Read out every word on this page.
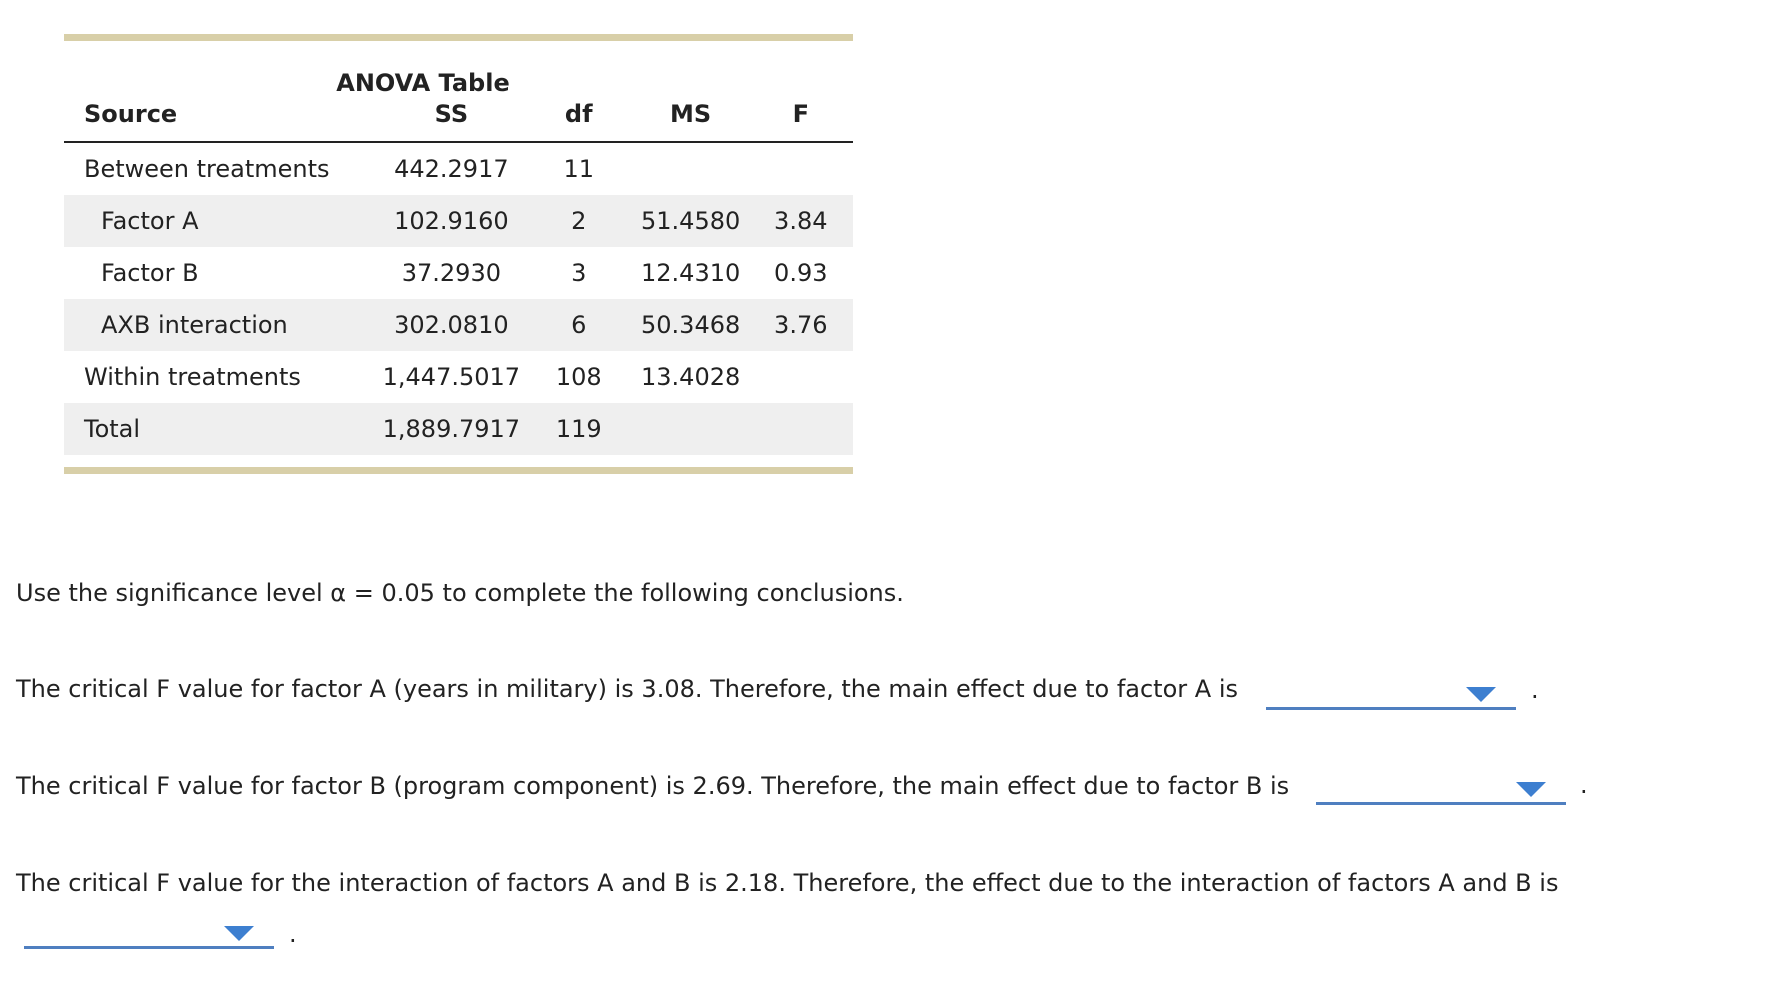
ANOVA Table
Source	SS	df	MS	F
Between treatments	442.2917	11		
Factor A	102.9160	2	51.4580	3.84
Factor B	37.2930	3	12.4310	0.93
AXB interaction	302.0810	6	50.3468	3.76
Within treatments	1,447.5017	108	13.4028	
Total	1,889.7917	119		
Use the significance level α = 0.05 to complete the following conclusions.
The critical F value for factor A (years in military) is 3.08. Therefore, the main effect due to factor A is	.
The critical F value for factor B (program component) is 2.69. Therefore, the main effect due to factor B is	.
The critical F value for the interaction of factors A and B is 2.18. Therefore, the effect due to the interaction of factors A and B is
.
